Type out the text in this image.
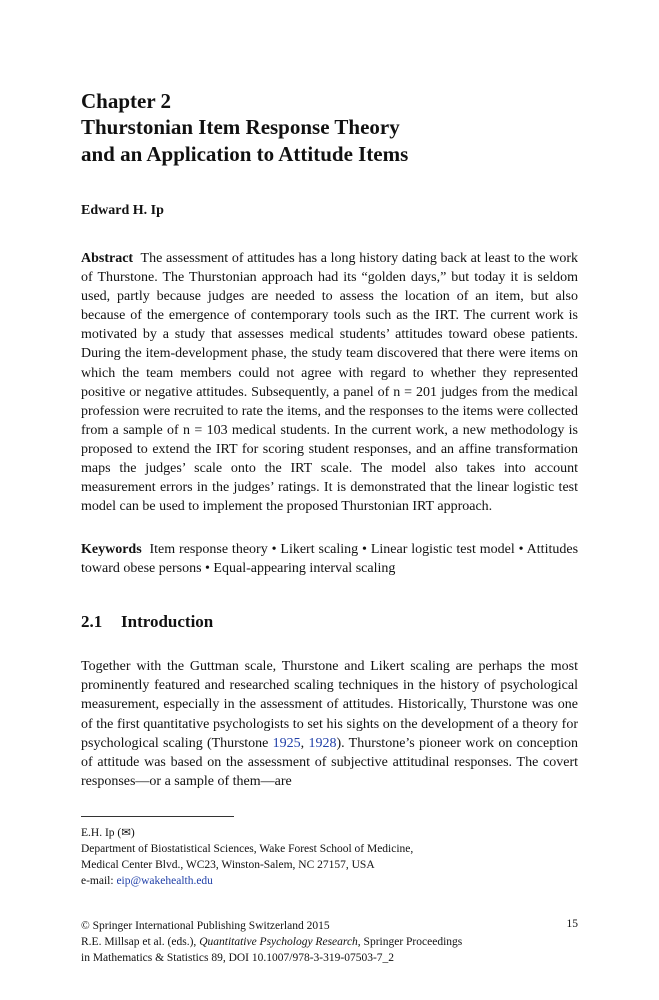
Chapter 2
Thurstonian Item Response Theory
and an Application to Attitude Items
Edward H. Ip
Abstract The assessment of attitudes has a long history dating back at least to the work of Thurstone. The Thurstonian approach had its “golden days,” but today it is seldom used, partly because judges are needed to assess the location of an item, but also because of the emergence of contemporary tools such as the IRT. The current work is motivated by a study that assesses medical students’ attitudes toward obese patients. During the item-development phase, the study team discovered that there were items on which the team members could not agree with regard to whether they represented positive or negative attitudes. Subsequently, a panel of n = 201 judges from the medical profession were recruited to rate the items, and the responses to the items were collected from a sample of n = 103 medical students. In the current work, a new methodology is proposed to extend the IRT for scoring student responses, and an affine transformation maps the judges’ scale onto the IRT scale. The model also takes into account measurement errors in the judges’ ratings. It is demonstrated that the linear logistic test model can be used to implement the proposed Thurstonian IRT approach.
Keywords Item response theory • Likert scaling • Linear logistic test model • Attitudes toward obese persons • Equal-appearing interval scaling
2.1 Introduction
Together with the Guttman scale, Thurstone and Likert scaling are perhaps the most prominently featured and researched scaling techniques in the history of psychological measurement, especially in the assessment of attitudes. Historically, Thurstone was one of the first quantitative psychologists to set his sights on the development of a theory for psychological scaling (Thurstone 1925, 1928). Thurstone’s pioneer work on conception of attitude was based on the assessment of subjective attitudinal responses. The covert responses—or a sample of them—are
E.H. Ip (✉)
Department of Biostatistical Sciences, Wake Forest School of Medicine,
Medical Center Blvd., WC23, Winston-Salem, NC 27157, USA
e-mail: eip@wakehealth.edu
© Springer International Publishing Switzerland 2015
R.E. Millsap et al. (eds.), Quantitative Psychology Research, Springer Proceedings
in Mathematics & Statistics 89, DOI 10.1007/978-3-319-07503-7_2
15
